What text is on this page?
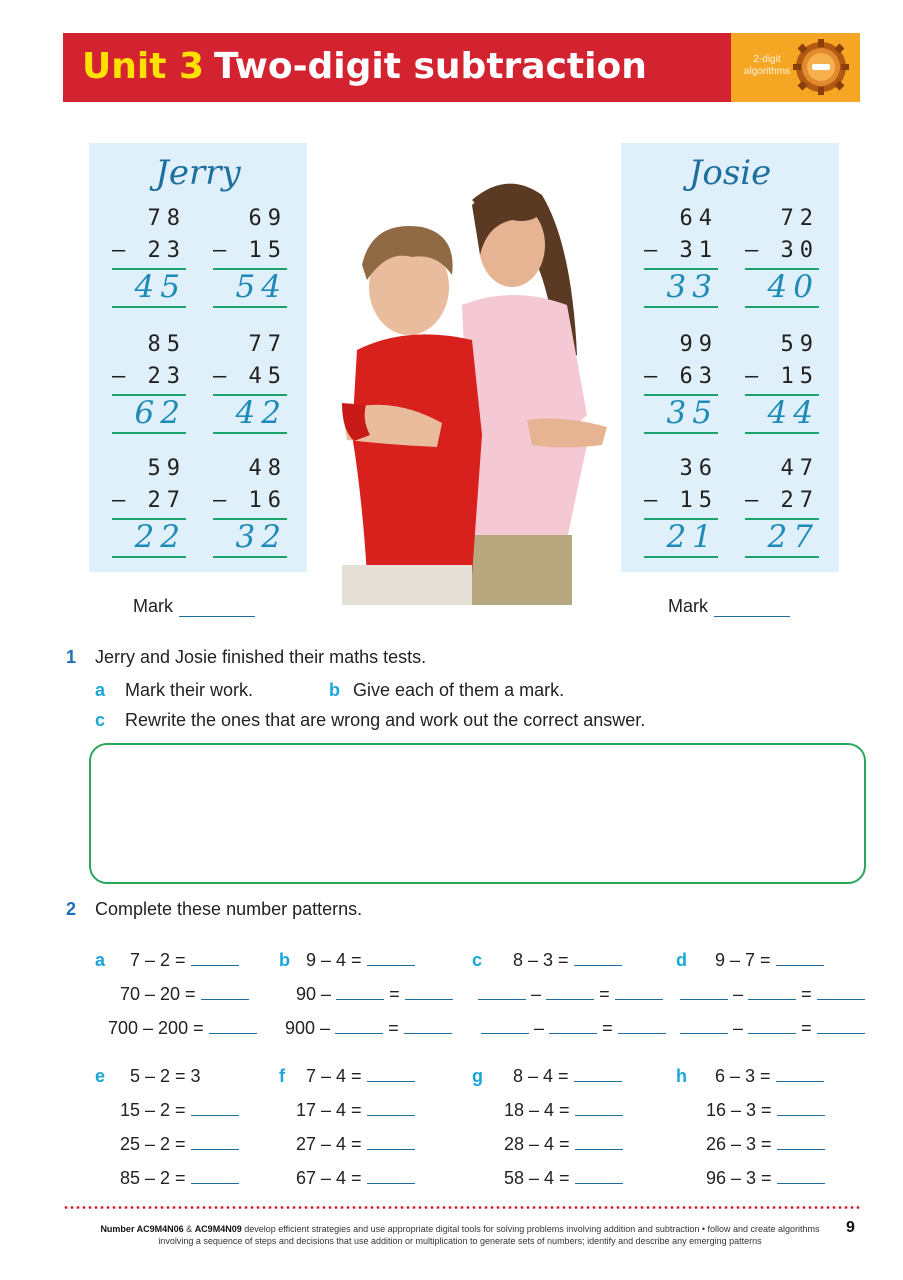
Unit 3 Two-digit subtraction	2-digit
algorithms
Jerry
78
23
–
45
69
15
–
54
85
23
–
62
77
45
–
42
59
27
–
22
48
16
–
32
Josie
64
31
–
33
72
30
–
40
99
63
–
35
59
15
–
44
36
15
–
21
47
27
–
27
Mark	Mark
1 Jerry and Josie finished their maths tests.
a Mark their work.	b Give each of them a mark.
c Rewrite the ones that are wrong and work out the correct answer.
2 Complete these number patterns.
a 7 – 2 =
70 – 20 =
700 – 200 =
b 9 – 4 =
90 –	=
900 –	=
c 8 – 3 =
–	=
–	=
d 9 – 7 =
–	=
–	=
e 5 – 2 = 3
15 – 2 =
25 – 2 =
85 – 2 =
f 7 – 4 =
17 – 4 =
27 – 4 =
67 – 4 =
g 8 – 4 =
18 – 4 =
28 – 4 =
58 – 4 =
h 6 – 3 =
16 – 3 =
26 – 3 =
96 – 3 =
Number AC9M4N06 & AC9M4N09 develop efficient strategies and use appropriate digital tools for solving problems involving addition and subtraction • follow and create algorithms
involving a sequence of steps and decisions that use addition or multiplication to generate sets of numbers; identify and describe any emerging patterns
9
